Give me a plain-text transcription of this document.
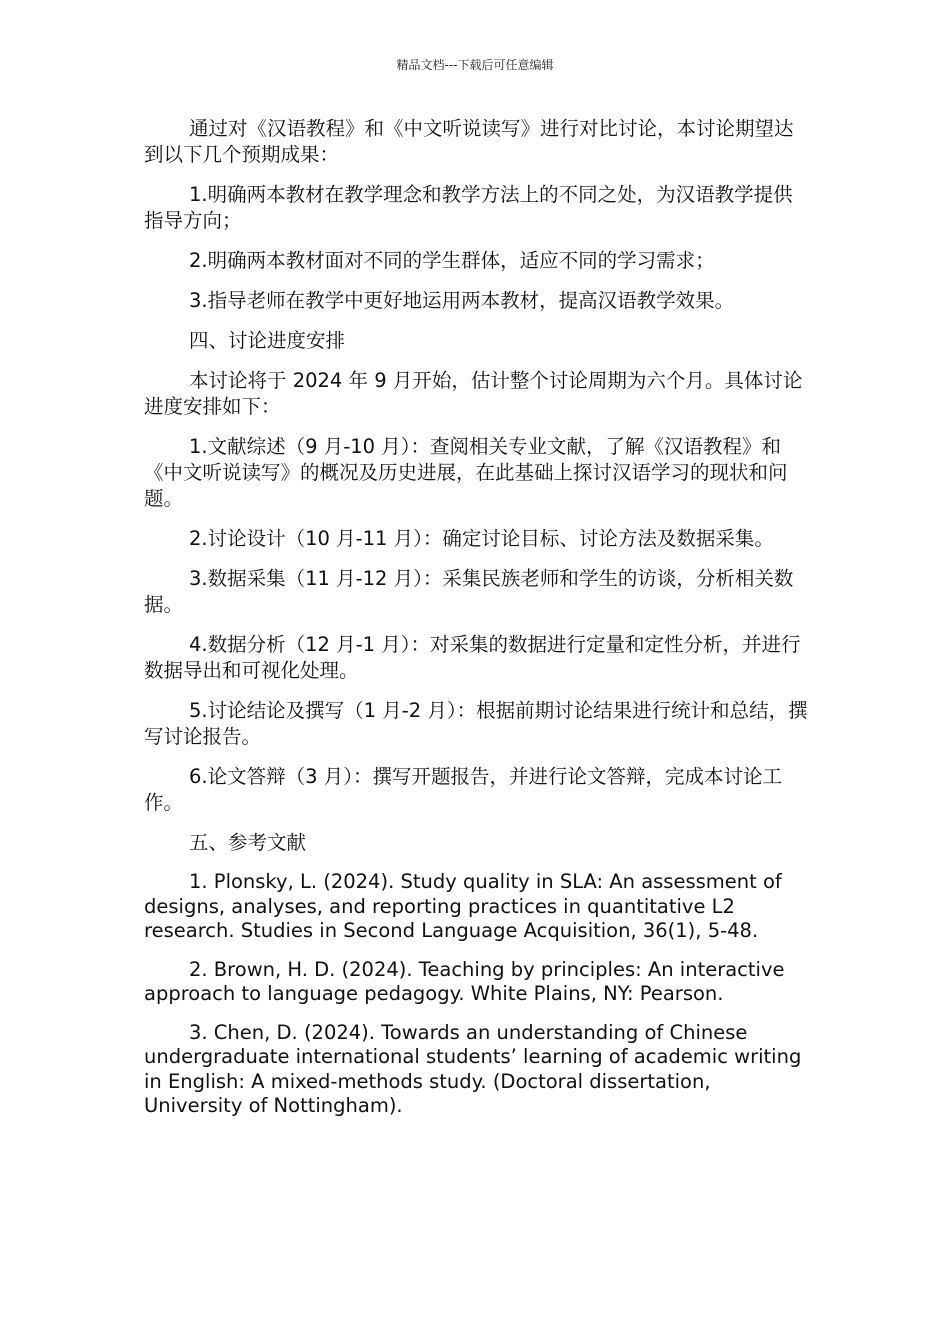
精品文档---下载后可任意编辑

通过对《汉语教程》和《中文听说读写》进行对比讨论，本讨论期望达到以下几个预期成果：

1.明确两本教材在教学理念和教学方法上的不同之处，为汉语教学提供指导方向；

2.明确两本教材面对不同的学生群体，适应不同的学习需求；

3.指导老师在教学中更好地运用两本教材，提高汉语教学效果。

四、讨论进度安排

本讨论将于 2024 年 9 月开始，估计整个讨论周期为六个月。具体讨论进度安排如下：

1.文献综述（9 月-10 月）：查阅相关专业文献，了解《汉语教程》和《中文听说读写》的概况及历史进展，在此基础上探讨汉语学习的现状和问题。

2.讨论设计（10 月-11 月）：确定讨论目标、讨论方法及数据采集。

3.数据采集（11 月-12 月）：采集民族老师和学生的访谈，分析相关数据。

4.数据分析（12 月-1 月）：对采集的数据进行定量和定性分析，并进行数据导出和可视化处理。

5.讨论结论及撰写（1 月-2 月）：根据前期讨论结果进行统计和总结，撰写讨论报告。

6.论文答辩（3 月）：撰写开题报告，并进行论文答辩，完成本讨论工作。

五、参考文献

1. Plonsky, L. (2024). Study quality in SLA: An assessment of designs, analyses, and reporting practices in quantitative L2 research. Studies in Second Language Acquisition, 36(1), 5-48.

2. Brown, H. D. (2024). Teaching by principles: An interactive approach to language pedagogy. White Plains, NY: Pearson.

3. Chen, D. (2024). Towards an understanding of Chinese undergraduate international students’ learning of academic writing in English: A mixed-methods study. (Doctoral dissertation, University of Nottingham).
